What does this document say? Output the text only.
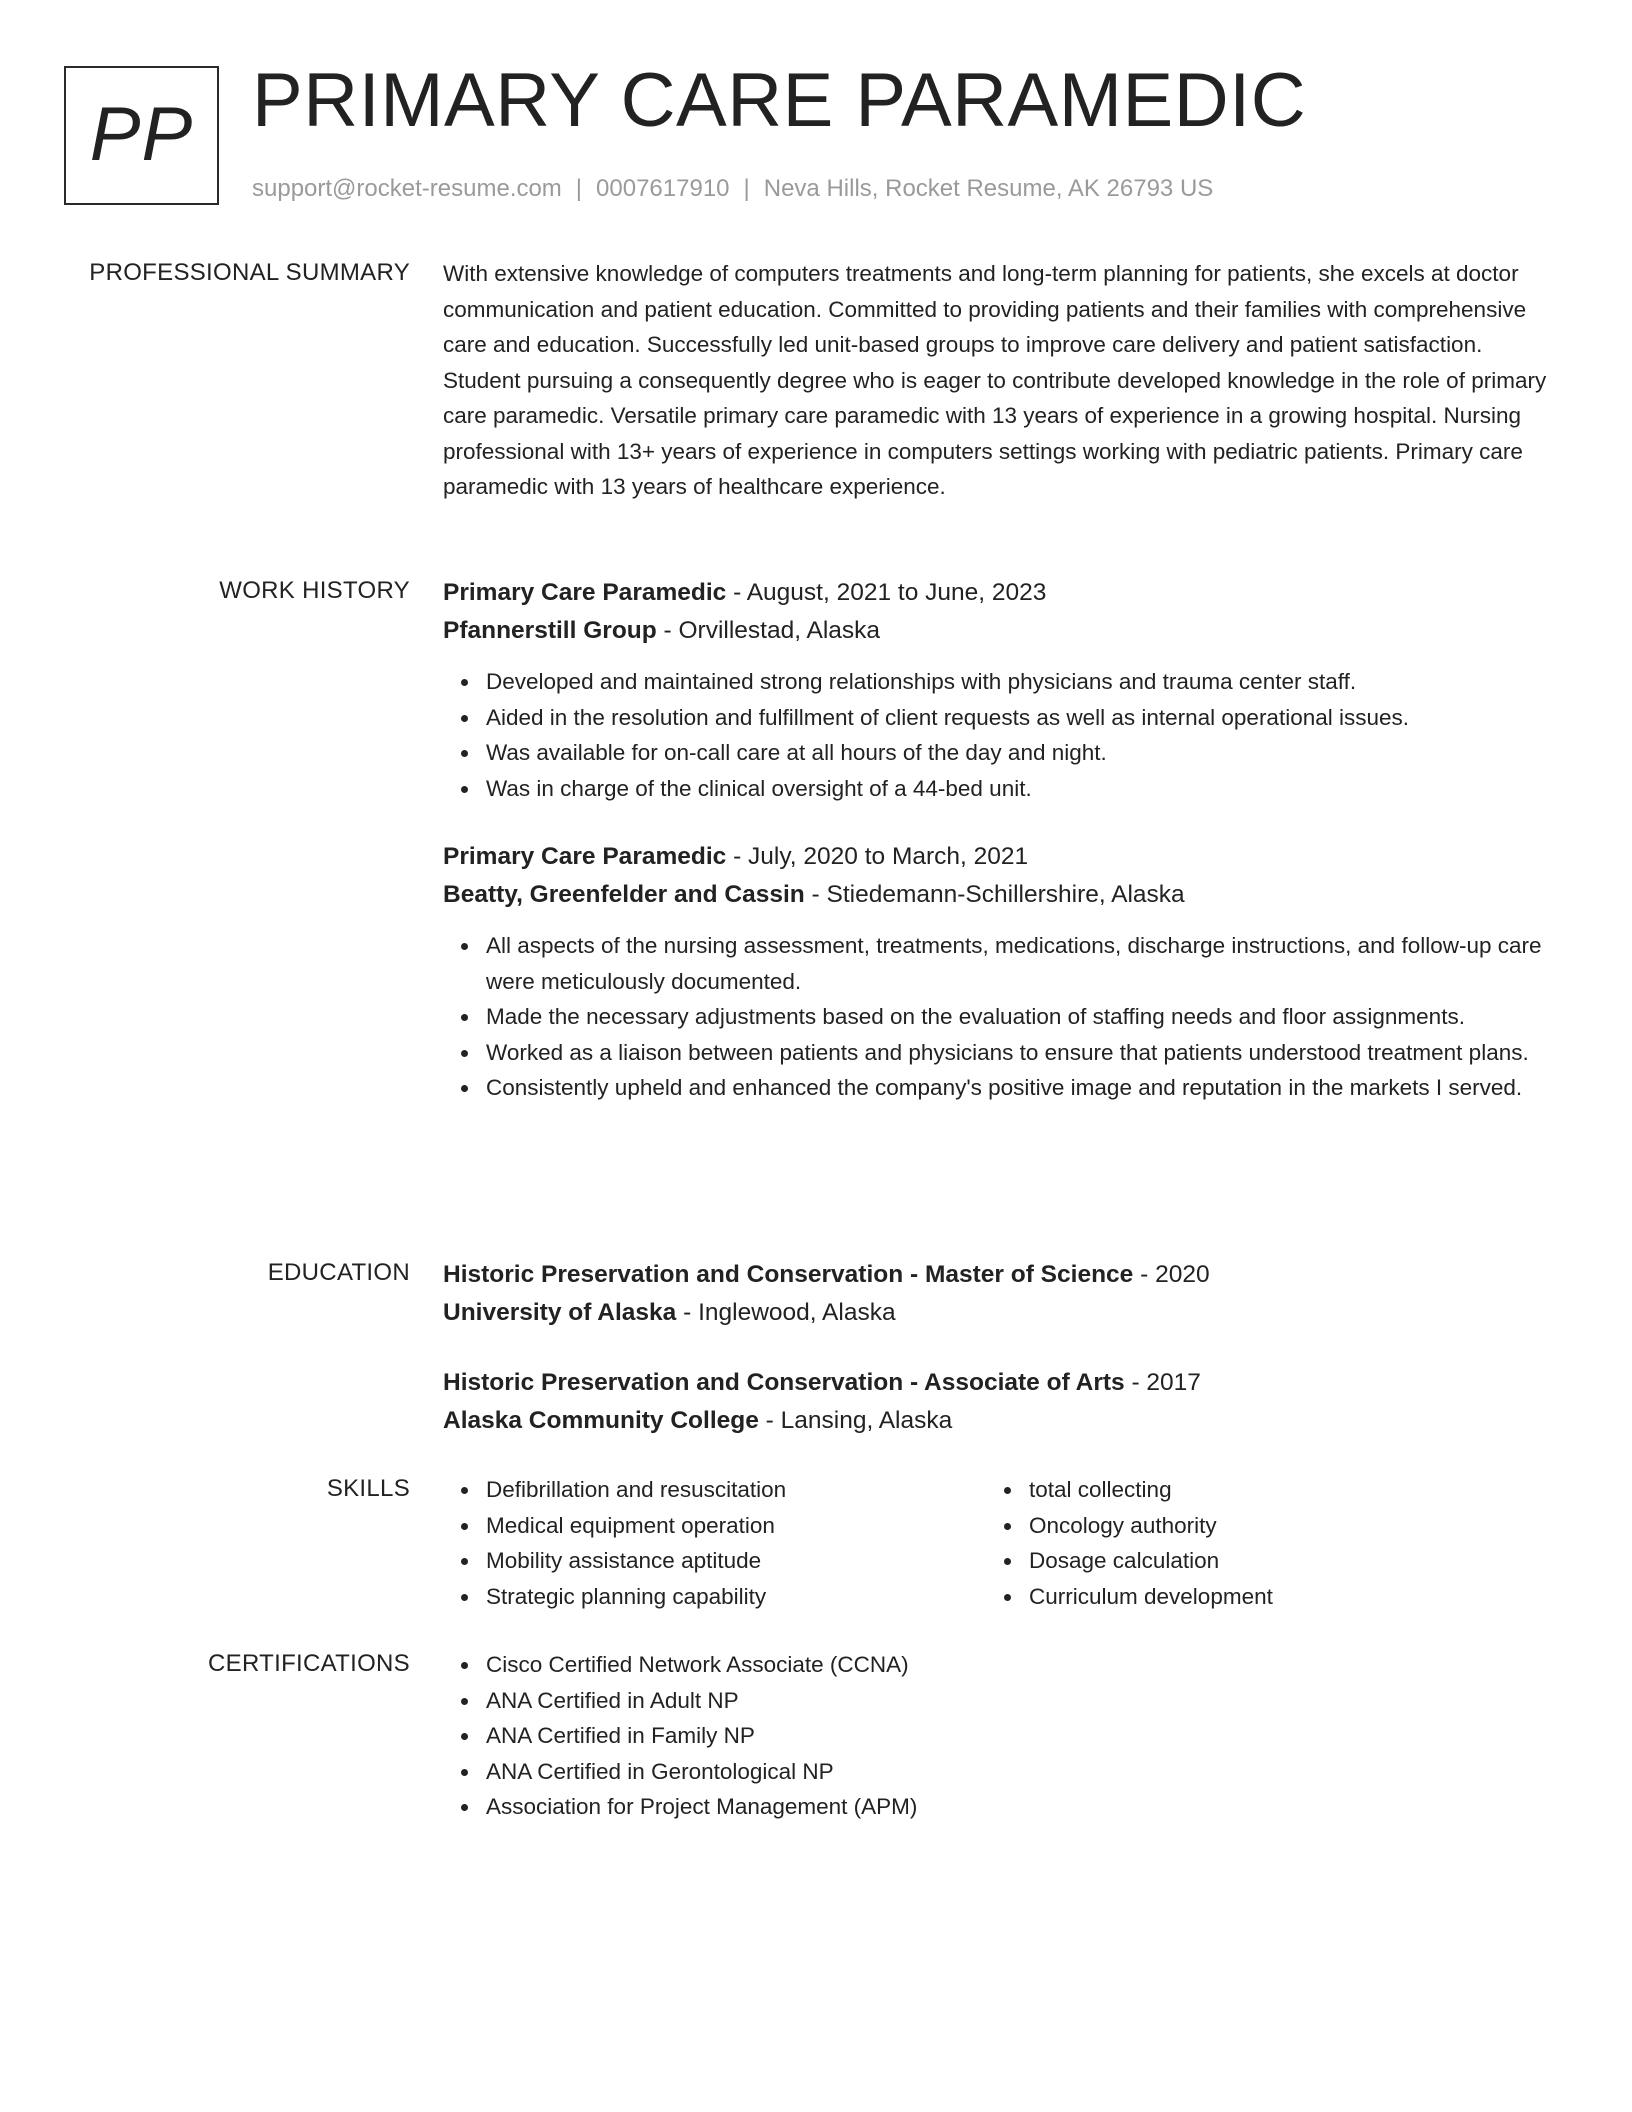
PP PRIMARY CARE PARAMEDIC
support@rocket-resume.com | 0007617910 | Neva Hills, Rocket Resume, AK 26793 US
PROFESSIONAL SUMMARY With extensive knowledge of computers treatments and long-term planning for patients, she excels at doctor communication and patient education. Committed to providing patients and their families with comprehensive care and education. Successfully led unit-based groups to improve care delivery and patient satisfaction. Student pursuing a consequently degree who is eager to contribute developed knowledge in the role of primary care paramedic. Versatile primary care paramedic with 13 years of experience in a growing hospital. Nursing professional with 13+ years of experience in computers settings working with pediatric patients. Primary care paramedic with 13 years of healthcare experience.

WORK HISTORY Primary Care Paramedic - August, 2021 to June, 2023
Pfannerstill Group - Orvillestad, Alaska
Developed and maintained strong relationships with physicians and trauma center staff.
Aided in the resolution and fulfillment of client requests as well as internal operational issues.
Was available for on-call care at all hours of the day and night.
Was in charge of the clinical oversight of a 44-bed unit.
Primary Care Paramedic - July, 2020 to March, 2021
Beatty, Greenfelder and Cassin - Stiedemann-Schillershire, Alaska
All aspects of the nursing assessment, treatments, medications, discharge instructions, and follow-up care were meticulously documented.
Made the necessary adjustments based on the evaluation of staffing needs and floor assignments.
Worked as a liaison between patients and physicians to ensure that patients understood treatment plans.
Consistently upheld and enhanced the company's positive image and reputation in the markets I served.
EDUCATION Historic Preservation and Conservation - Master of Science - 2020
University of Alaska - Inglewood, Alaska
Historic Preservation and Conservation - Associate of Arts - 2017
Alaska Community College - Lansing, Alaska
SKILLS	Defibrillation and resuscitation
Medical equipment operation
Mobility assistance aptitude
Strategic planning capability
total collecting
Oncology authority
Dosage calculation
Curriculum development
CERTIFICATIONS	Cisco Certified Network Associate (CCNA)
ANA Certified in Adult NP
ANA Certified in Family NP
ANA Certified in Gerontological NP
Association for Project Management (APM)
